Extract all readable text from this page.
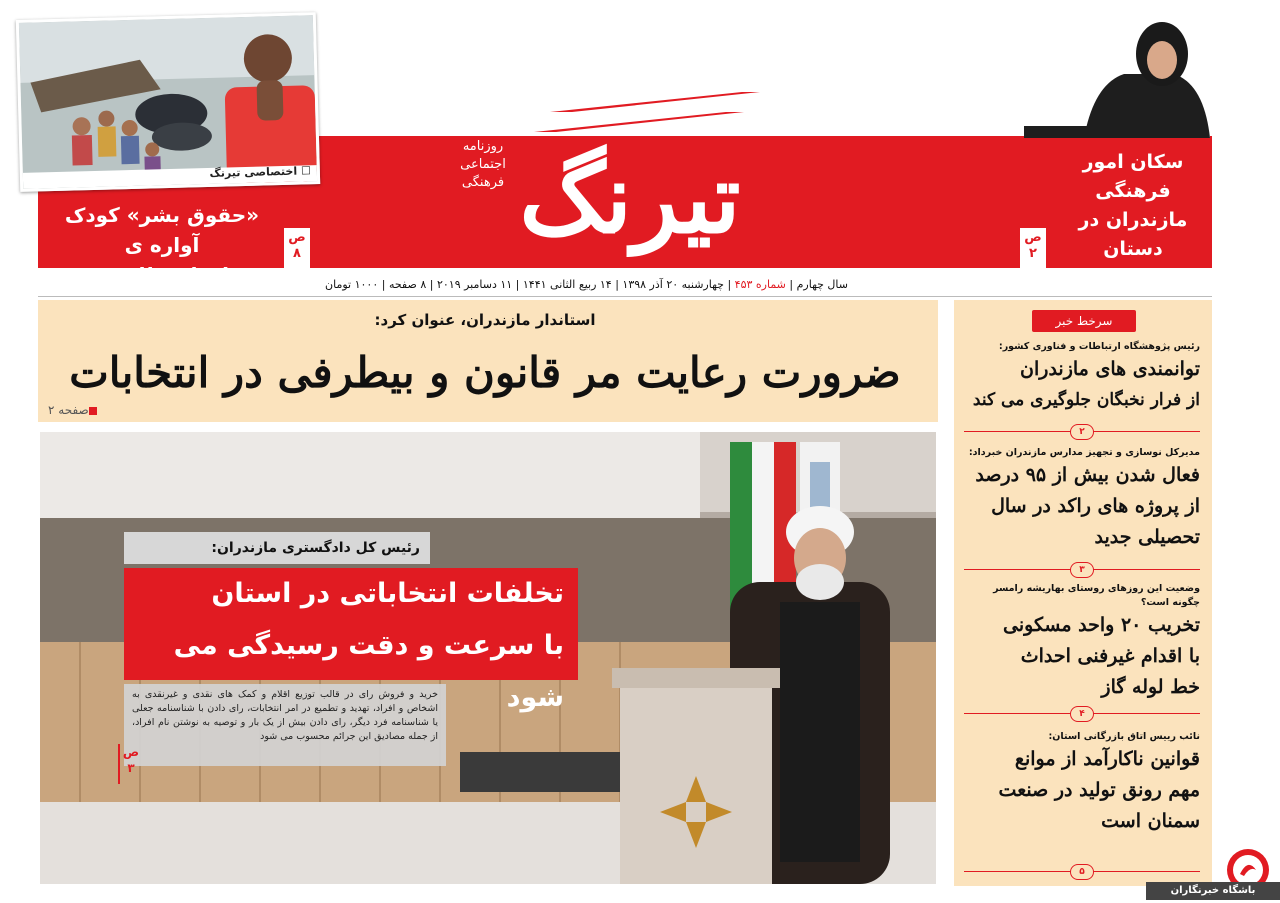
تیرنگ
روزنامه
اجتماعی
فرهنگی
☐ اختصاصی تیرنگ
«حقوق بشر» کودک آواره ی
سازمان ملل متحد
ص
۸
سکان امور فرهنگی
مازندران در دستان
یک بانو
ص
۲
سال چهارم | شماره ۴۵۳ | چهارشنبه ۲۰ آذر ۱۳۹۸ | ۱۴ ربیع الثانی ۱۴۴۱ | ۱۱ دسامبر ۲۰۱۹ | ۸ صفحه | ۱۰۰۰ تومان
استاندار مازندران، عنوان کرد:
ضرورت رعایت مر قانون و بیطرفی در انتخابات
صفحه ۲
رئیس کل دادگستری مازندران:
تخلفات انتخاباتی در استان
با سرعت و دقت رسیدگی می شود
خرید و فروش رای در قالب توزیع اقلام و کمک های نقدی و غیرنقدی به اشخاص و افراد، تهدید و تطمیع در امر انتخابات، رای دادن با شناسنامه جعلی یا شناسنامه فرد دیگر، رای دادن بیش از یک بار و توصیه به نوشتن نام افراد، از جمله مصادیق این جرائم محسوب می شود
ص
۳
سرخط خبر
رئیس پژوهشگاه ارتباطات و فناوری کشور:
توانمندی های مازندران
از فرار نخبگان جلوگیری می کند
۲
مدیرکل نوسازی و تجهیز مدارس مازندران خبرداد:
فعال شدن بیش از ۹۵ درصد
از پروژه های راکد در سال
تحصیلی جدید
۳
وضعیت این روزهای روستای بهاریشه رامسر چگونه است؟
تخریب ۲۰ واحد مسکونی
با اقدام غیرفنی احداث
خط لوله گاز
۴
نائب رییس اتاق بازرگانی استان:
قوانین ناکارآمد از موانع
مهم رونق تولید در صنعت
سمنان است
۵
باشگاه خبرنگاران
